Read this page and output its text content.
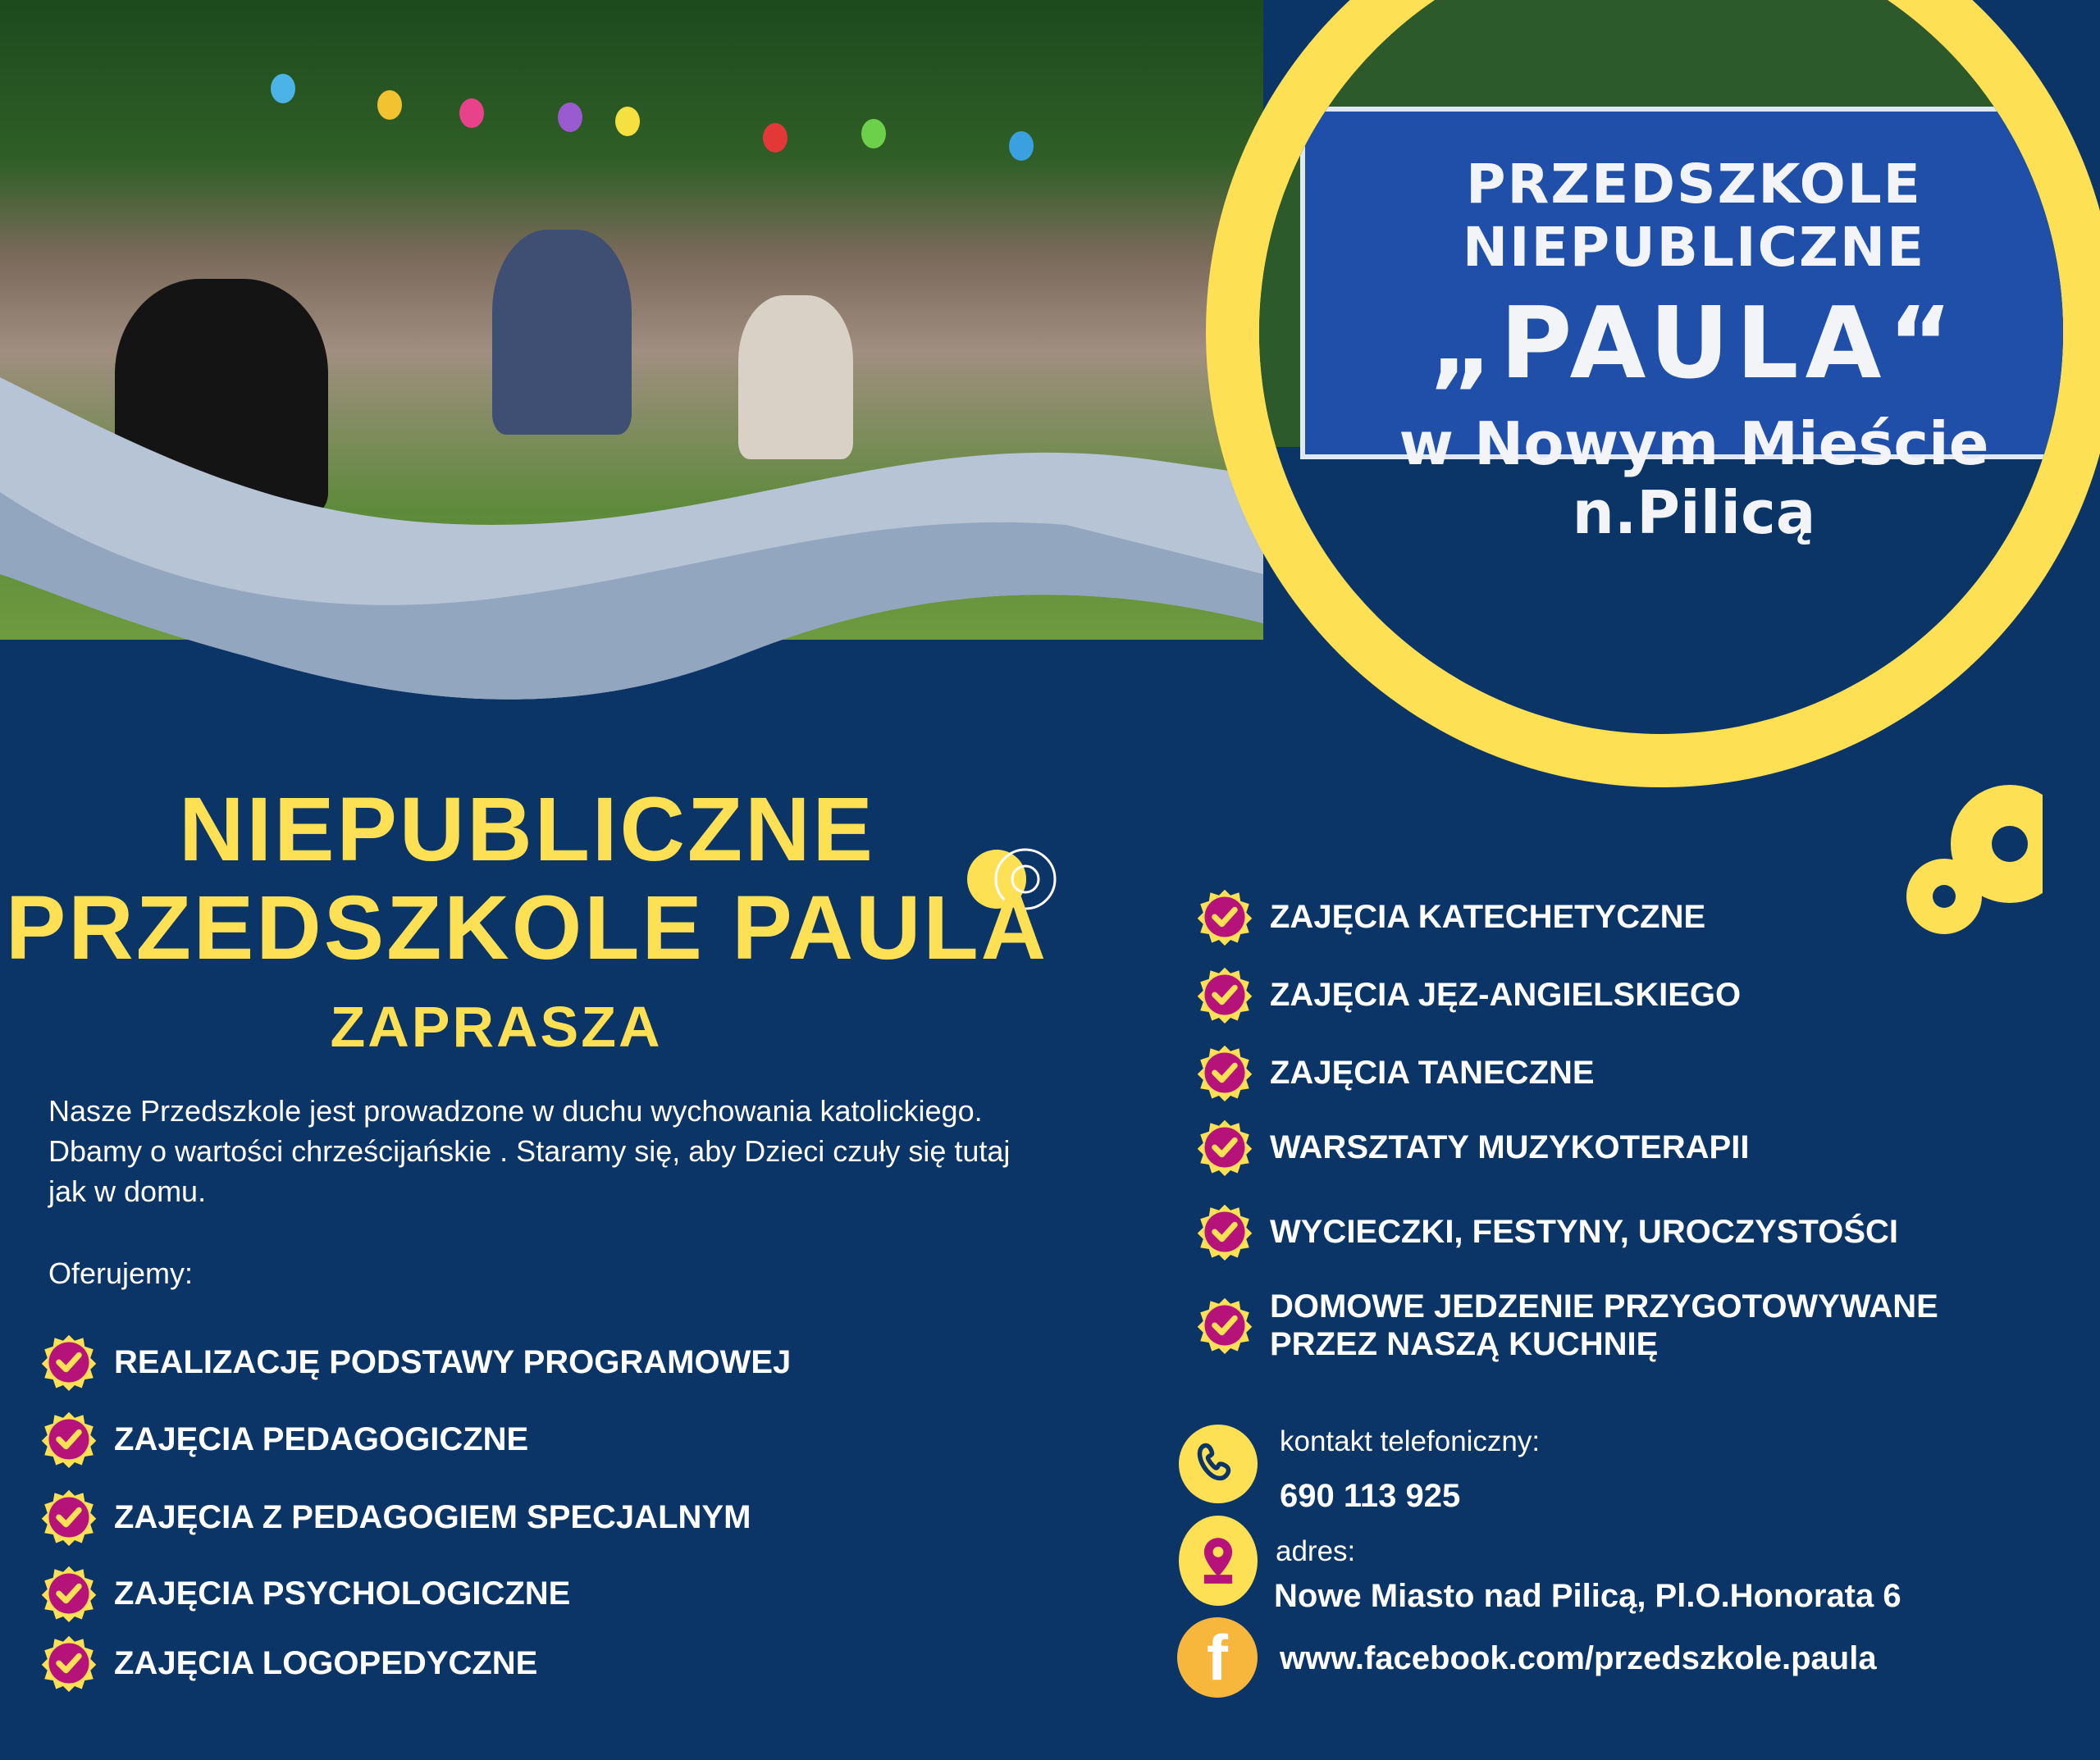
PRZEDSZKOLE NIEPUBLICZNE
„PAULA“
w Nowym Mieście n.Pilicą
NIEPUBLICZNE
PRZEDSZKOLE PAULA
ZAPRASZA
Nasze Przedszkole jest prowadzone w duchu wychowania katolickiego. Dbamy o wartości chrześcijańskie . Staramy się, aby Dzieci czuły się tutaj jak w domu.
Oferujemy:
REALIZACJĘ PODSTAWY PROGRAMOWEJ
ZAJĘCIA PEDAGOGICZNE
ZAJĘCIA Z PEDAGOGIEM SPECJALNYM
ZAJĘCIA PSYCHOLOGICZNE
ZAJĘCIA LOGOPEDYCZNE
ZAJĘCIA KATECHETYCZNE
ZAJĘCIA JĘZ-ANGIELSKIEGO
ZAJĘCIA TANECZNE
WARSZTATY MUZYKOTERAPII
WYCIECZKI, FESTYNY, UROCZYSTOŚCI
DOMOWE JEDZENIE PRZYGOTOWYWANE PRZEZ NASZĄ KUCHNIĘ
f
kontakt telefoniczny:
690 113 925
adres:
Nowe Miasto nad Pilicą, Pl.O.Honorata 6
www.facebook.com/przedszkole.paula
